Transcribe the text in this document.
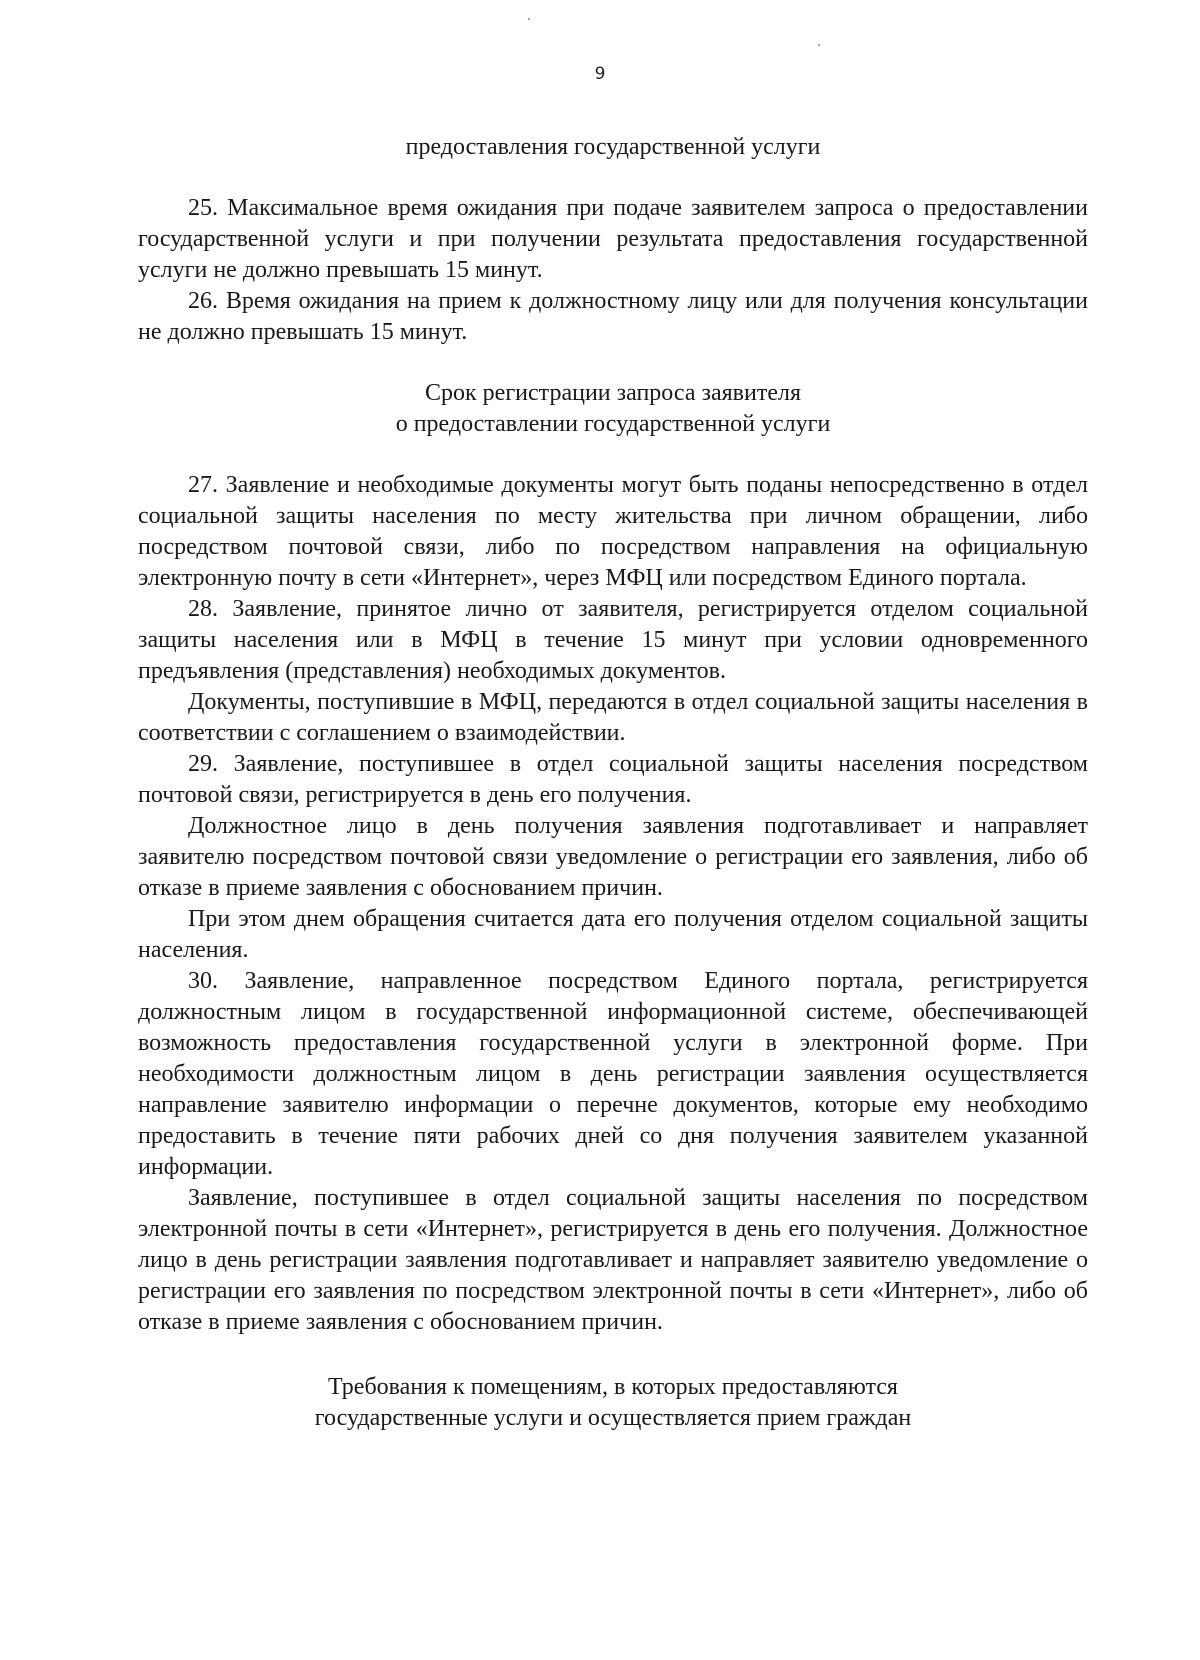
9

предоставления государственной услуги

25. Максимальное время ожидания при подаче заявителем запроса о предоставлении государственной услуги и при получении результата предоставления государственной услуги не должно превышать 15 минут.

26. Время ожидания на прием к должностному лицу или для получения консультации не должно превышать 15 минут.

Срок регистрации запроса заявителя
о предоставлении государственной услуги

27. Заявление и необходимые документы могут быть поданы непосредственно в отдел социальной защиты населения по месту жительства при личном обращении, либо посредством почтовой связи, либо по посредством направления на официальную электронную почту в сети «Интернет», через МФЦ или посредством Единого портала.

28. Заявление, принятое лично от заявителя, регистрируется отделом социальной защиты населения или в МФЦ в течение 15 минут при условии одновременного предъявления (представления) необходимых документов.

Документы, поступившие в МФЦ, передаются в отдел социальной защиты населения в соответствии с соглашением о взаимодействии.

29. Заявление, поступившее в отдел социальной защиты населения посредством почтовой связи, регистрируется в день его получения.

Должностное лицо в день получения заявления подготавливает и направляет заявителю посредством почтовой связи уведомление о регистрации его заявления, либо об отказе в приеме заявления с обоснованием причин.

При этом днем обращения считается дата его получения отделом социальной защиты населения.

30. Заявление, направленное посредством Единого портала, регистрируется должностным лицом в государственной информационной системе, обеспечивающей возможность предоставления государственной услуги в электронной форме. При необходимости должностным лицом в день регистрации заявления осуществляется направление заявителю информации о перечне документов, которые ему необходимо предоставить в течение пяти рабочих дней со дня получения заявителем указанной информации.

Заявление, поступившее в отдел социальной защиты населения по посредством электронной почты в сети «Интернет», регистрируется в день его получения. Должностное лицо в день регистрации заявления подготавливает и направляет заявителю уведомление о регистрации его заявления по посредством электронной почты в сети «Интернет», либо об отказе в приеме заявления с обоснованием причин.

Требования к помещениям, в которых предоставляются
государственные услуги и осуществляется прием граждан
